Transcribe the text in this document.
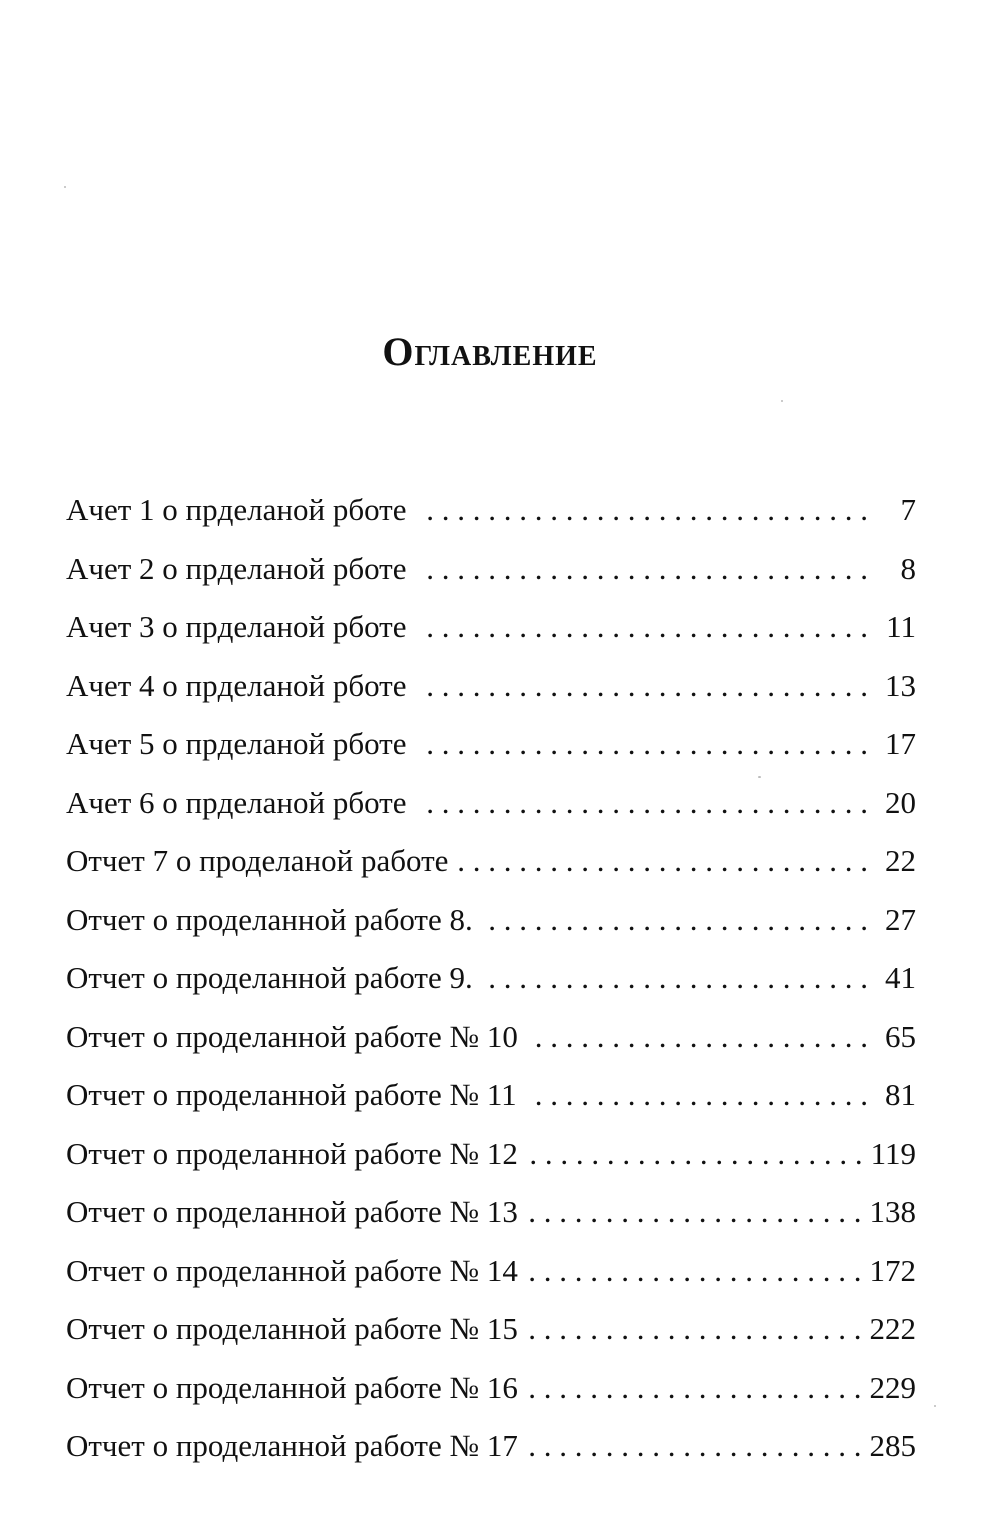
Оглавление
Ачет 1 о пpделаной рботе . . .	7
Ачет 2 о пpделаной рботе . . .	8
Ачет 3 о пpделаной рботе . . .	11
Ачет 4 о пpделаной рботе . . .	13
Ачет 5 о пpделаной рботе . . .	17
Ачет 6 о пpделаной рботе . . .	20
Отчет 7 о проделаной работе . . .	22
Отчет о проделанной работе 8. . . .	27
Отчет о проделанной работе 9. . . .	41
Отчет о проделанной работе № 10 . . .	65
Отчет о проделанной работе № 11 . . .	81
Отчет о проделанной работе № 12 . . .	119
Отчет о проделанной работе № 13 . . .	138
Отчет о проделанной работе № 14 . . .	172
Отчет о проделанной работе № 15 . . .	222
Отчет о проделанной работе № 16 . . .	229
Отчет о проделанной работе № 17 . . .	285
